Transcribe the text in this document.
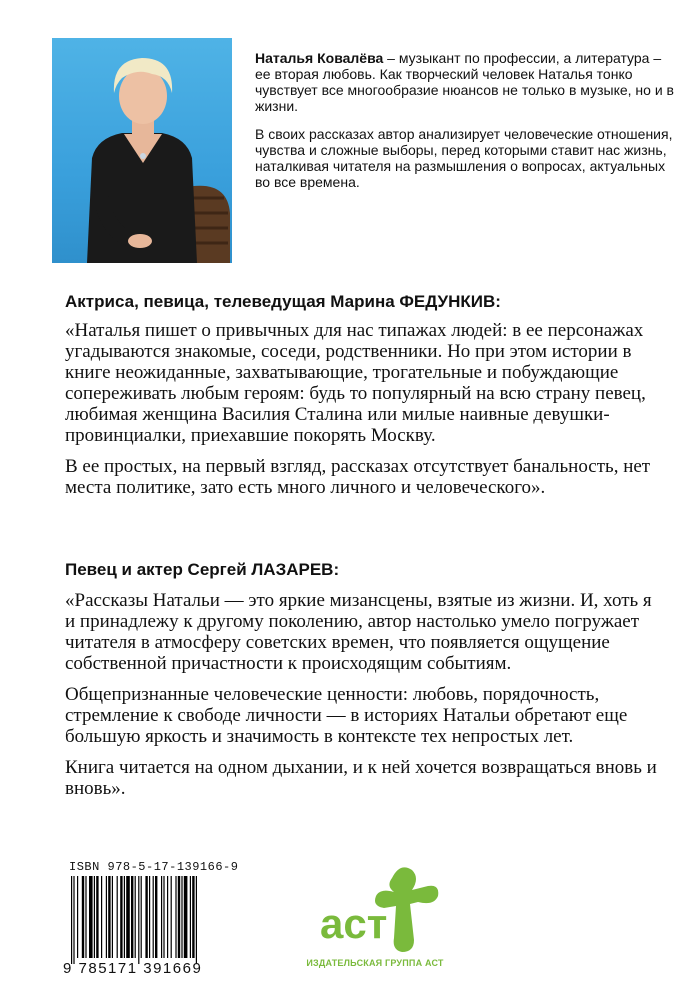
Наталья Ковалёва – музыкант по профессии, а литература – ее вторая любовь. Как творческий человек Наталья тонко чувствует все многообразие нюансов не только в музыке, но и в жизни.

В своих рассказах автор анализирует человеческие отношения, чувства и сложные выборы, перед которыми ставит нас жизнь, наталкивая читателя на размышления о вопросах, актуальных во все времена.

Актриса, певица, телеведущая Марина ФЕДУНКИВ:

«Наталья пишет о привычных для нас типажах людей: в ее персонажах угадываются знакомые, соседи, родственники. Но при этом истории в книге неожиданные, захватывающие, трогательные и побуждающие сопереживать любым героям: будь то популярный на всю страну певец, любимая женщина Василия Сталина или милые наивные девушки-провинциалки, приехавшие покорять Москву.

В ее простых, на первый взгляд, рассказах отсутствует банальность, нет места политике, зато есть много личного и человеческого».

Певец и актер Сергей ЛАЗАРЕВ:

«Рассказы Натальи — это яркие мизансцены, взятые из жизни. И, хоть я и принадлежу к другому поколению, автор настолько умело погружает читателя в атмосферу советских времен, что появляется ощущение собственной причастности к происходящим событиям.

Общепризнанные человеческие ценности: любовь, порядочность, стремление к свободе личности — в историях Натальи обретают еще большую яркость и значимость в контексте тех непростых лет.

Книга читается на одном дыхании, и к ней хочется возвращаться вновь и вновь».

ISBN 978-5-17-139166-9
9 785171 391669
аст
ИЗДАТЕЛЬСКАЯ ГРУППА АСТ
